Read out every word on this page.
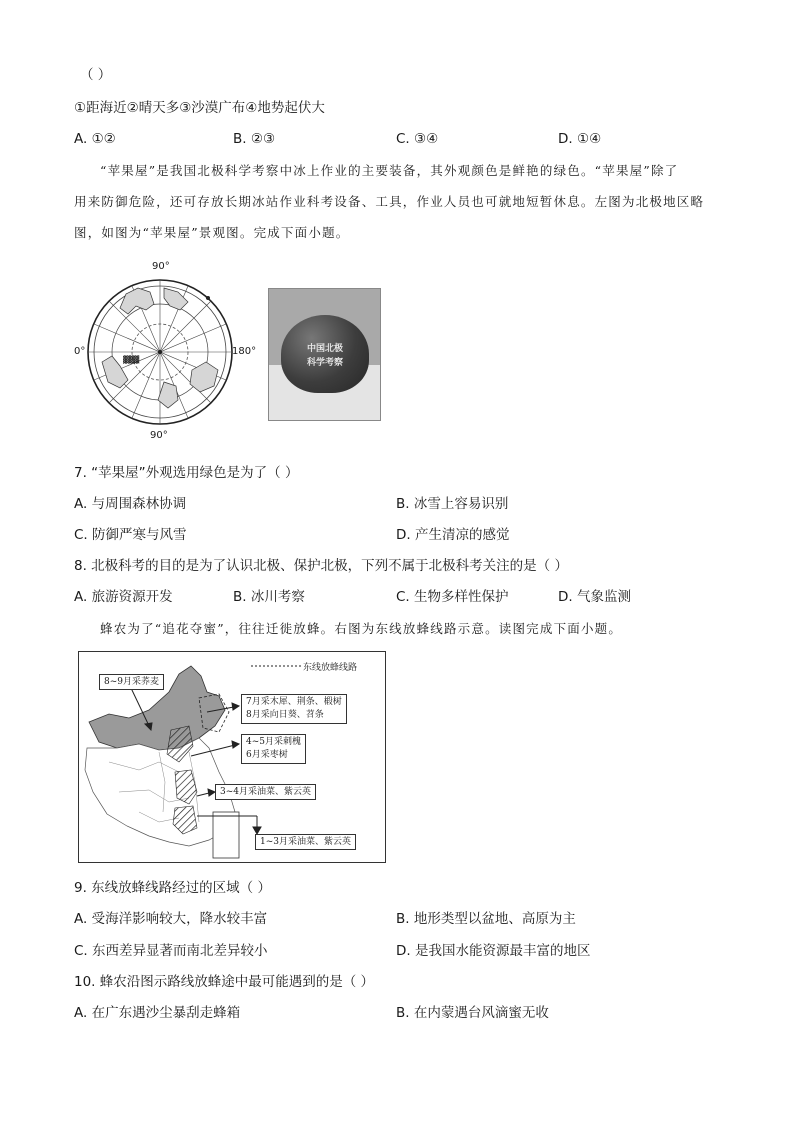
（ ）
①距海近②晴天多③沙漠广布④地势起伏大
A. ①②	B. ②③	C. ③④	D. ①④
“苹果屋”是我国北极科学考察中冰上作业的主要装备，其外观颜色是鲜艳的绿色。“苹果屋”除了
用来防御危险，还可存放长期冰站作业科考设备、工具，作业人员也可就地短暂休息。左图为北极地区略
图，如图为“苹果屋”景观图。完成下面小题。
▓▓▓
90°
90°
0°	180°	中国北极
科学考察
7. “苹果屋”外观选用绿色是为了（ ）
A. 与周围森林协调	B. 冰雪上容易识别
C. 防御严寒与风雪	D. 产生清凉的感觉
8. 北极科考的目的是为了认识北极、保护北极，下列不属于北极科考关注的是（ ）
A. 旅游资源开发	B. 冰川考察	C. 生物多样性保护	D. 气象监测
蜂农为了“追花夺蜜”，往往迁徙放蜂。右图为东线放蜂线路示意。读图完成下面小题。
东线放蜂线路
8~9月采荞麦
7月采木犀、荆条、椴树
8月采向日葵、苕条
4~5月采刺槐
6月采枣树
3~4月采油菜、紫云英
1~3月采油菜、紫云英
9. 东线放蜂线路经过的区域（ ）
A. 受海洋影响较大，降水较丰富	B. 地形类型以盆地、高原为主
C. 东西差异显著而南北差异较小	D. 是我国水能资源最丰富的地区
10. 蜂农沿图示路线放蜂途中最可能遇到的是（ ）
A. 在广东遇沙尘暴刮走蜂箱	B. 在内蒙遇台风滴蜜无收
